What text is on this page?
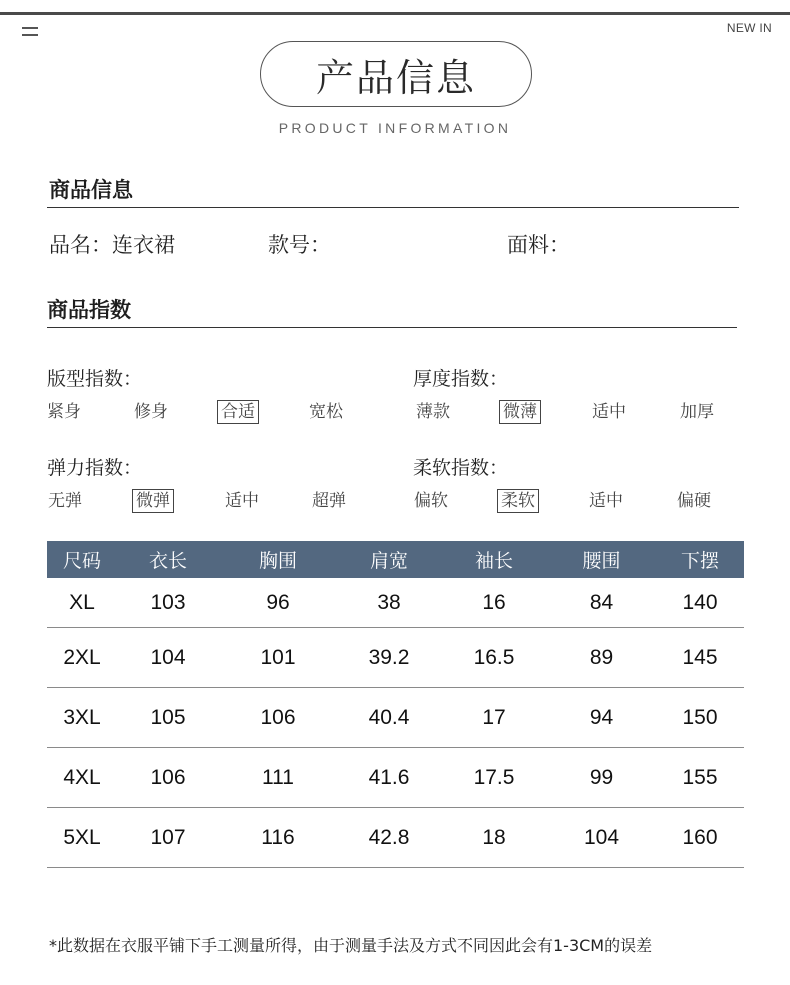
NEW IN
产品信息
PRODUCT INFORMATION
商品信息
品名：连衣裙	款号：	面料：
商品指数
版型指数：
紧身	修身	合适	宽松
厚度指数：
薄款	微薄	适中	加厚
弹力指数：
无弹	微弹	适中	超弹
柔软指数：
偏软	柔软	适中	偏硬
尺码	衣长	胸围	肩宽	袖长	腰围	下摆
XL	103	96	38	16	84	140
2XL	104	101	39.2	16.5	89	145
3XL	105	106	40.4	17	94	150
4XL	106	111	41.6	17.5	99	155
5XL	107	116	42.8	18	104	160
*此数据在衣服平铺下手工测量所得，由于测量手法及方式不同因此会有1-3CM的误差
